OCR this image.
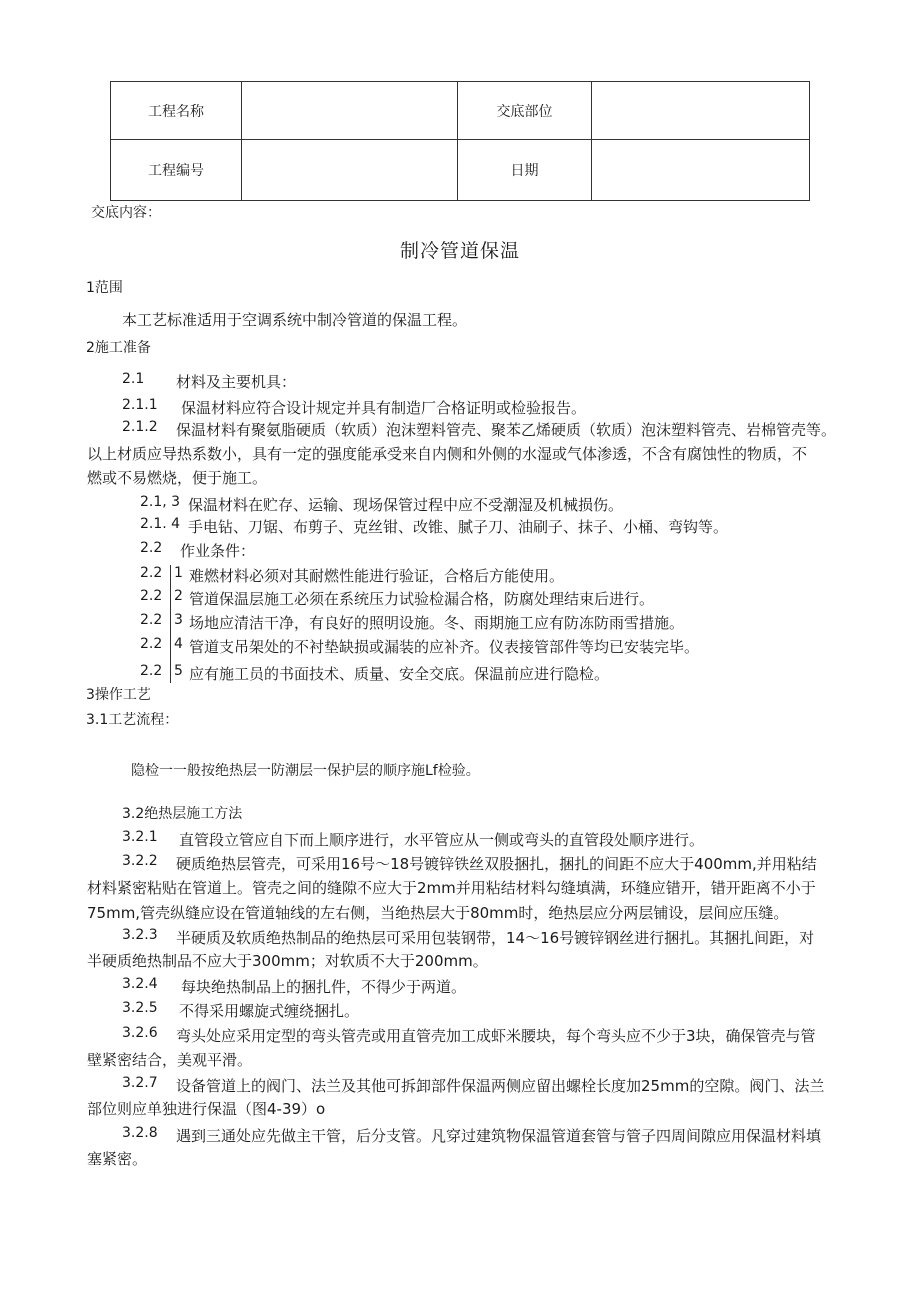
工程名称		交底部位	
工程编号		日期	
交底内容：
制冷管道保温
1范围
本工艺标准适用于空调系统中制冷管道的保温工程。
2施工准备
2.1 材料及主要机具：
2.1.1 保温材料应符合设计规定并具有制造厂合格证明或检验报告。
2.1.2 保温材料有聚氨脂硬质（软质）泡沫塑料管壳、聚苯乙烯硬质（软质）泡沫塑料管壳、岩棉管壳等。
以上材质应导热系数小，具有一定的强度能承受来自内侧和外侧的水湿或气体渗透，不含有腐蚀性的物质，不
燃或不易燃烧，便于施工。
2.1, 3 保温材料在贮存、运输、现场保管过程中应不受潮湿及机械损伤。
2.1. 4 手电钻、刀锯、布剪子、克丝钳、改锥、腻子刀、油刷子、抹子、小桶、弯钩等。
2.2 作业条件：
2.2 1 难燃材料必须对其耐燃性能进行验证，合格后方能使用。
2.2 2 管道保温层施工必须在系统压力试验检漏合格，防腐处理结束后进行。
2.2 3 场地应清洁干净，有良好的照明设施。冬、雨期施工应有防冻防雨雪措施。
2.2 4 管道支吊架处的不衬垫缺损或漏装的应补齐。仪表接管部件等均已安装完毕。
2.2 5 应有施工员的书面技术、质量、安全交底。保温前应进行隐检。
3操作工艺
3.1工艺流程：
隐检一一般按绝热层一防潮层一保护层的顺序施Lf检验。
3.2绝热层施工方法
3.2.1 直管段立管应自下而上顺序进行，水平管应从一侧或弯头的直管段处顺序进行。
3.2.2 硬质绝热层管壳，可采用16号～18号镀锌铁丝双股捆扎，捆扎的间距不应大于400mm,并用粘结
材料紧密粘贴在管道上。管壳之间的缝隙不应大于2mm并用粘结材料勾缝填满，环缝应错开，错开距离不小于
75mm,管壳纵缝应设在管道轴线的左右侧，当绝热层大于80mm时，绝热层应分两层铺设，层间应压缝。
3.2.3 半硬质及软质绝热制品的绝热层可采用包装钢带，14～16号镀锌钢丝进行捆扎。其捆扎间距，对
半硬质绝热制品不应大于300mm；对软质不大于200mm。
3.2.4 每块绝热制品上的捆扎件，不得少于两道。
3.2.5 不得采用螺旋式缠绕捆扎。
3.2.6 弯头处应采用定型的弯头管壳或用直管壳加工成虾米腰块，每个弯头应不少于3块，确保管壳与管
壁紧密结合，美观平滑。
3.2.7 设备管道上的阀门、法兰及其他可拆卸部件保温两侧应留出螺栓长度加25mm的空隙。阀门、法兰
部位则应单独进行保温（图4-39）o
3.2.8 遇到三通处应先做主干管，后分支管。凡穿过建筑物保温管道套管与管子四周间隙应用保温材料填
塞紧密。
